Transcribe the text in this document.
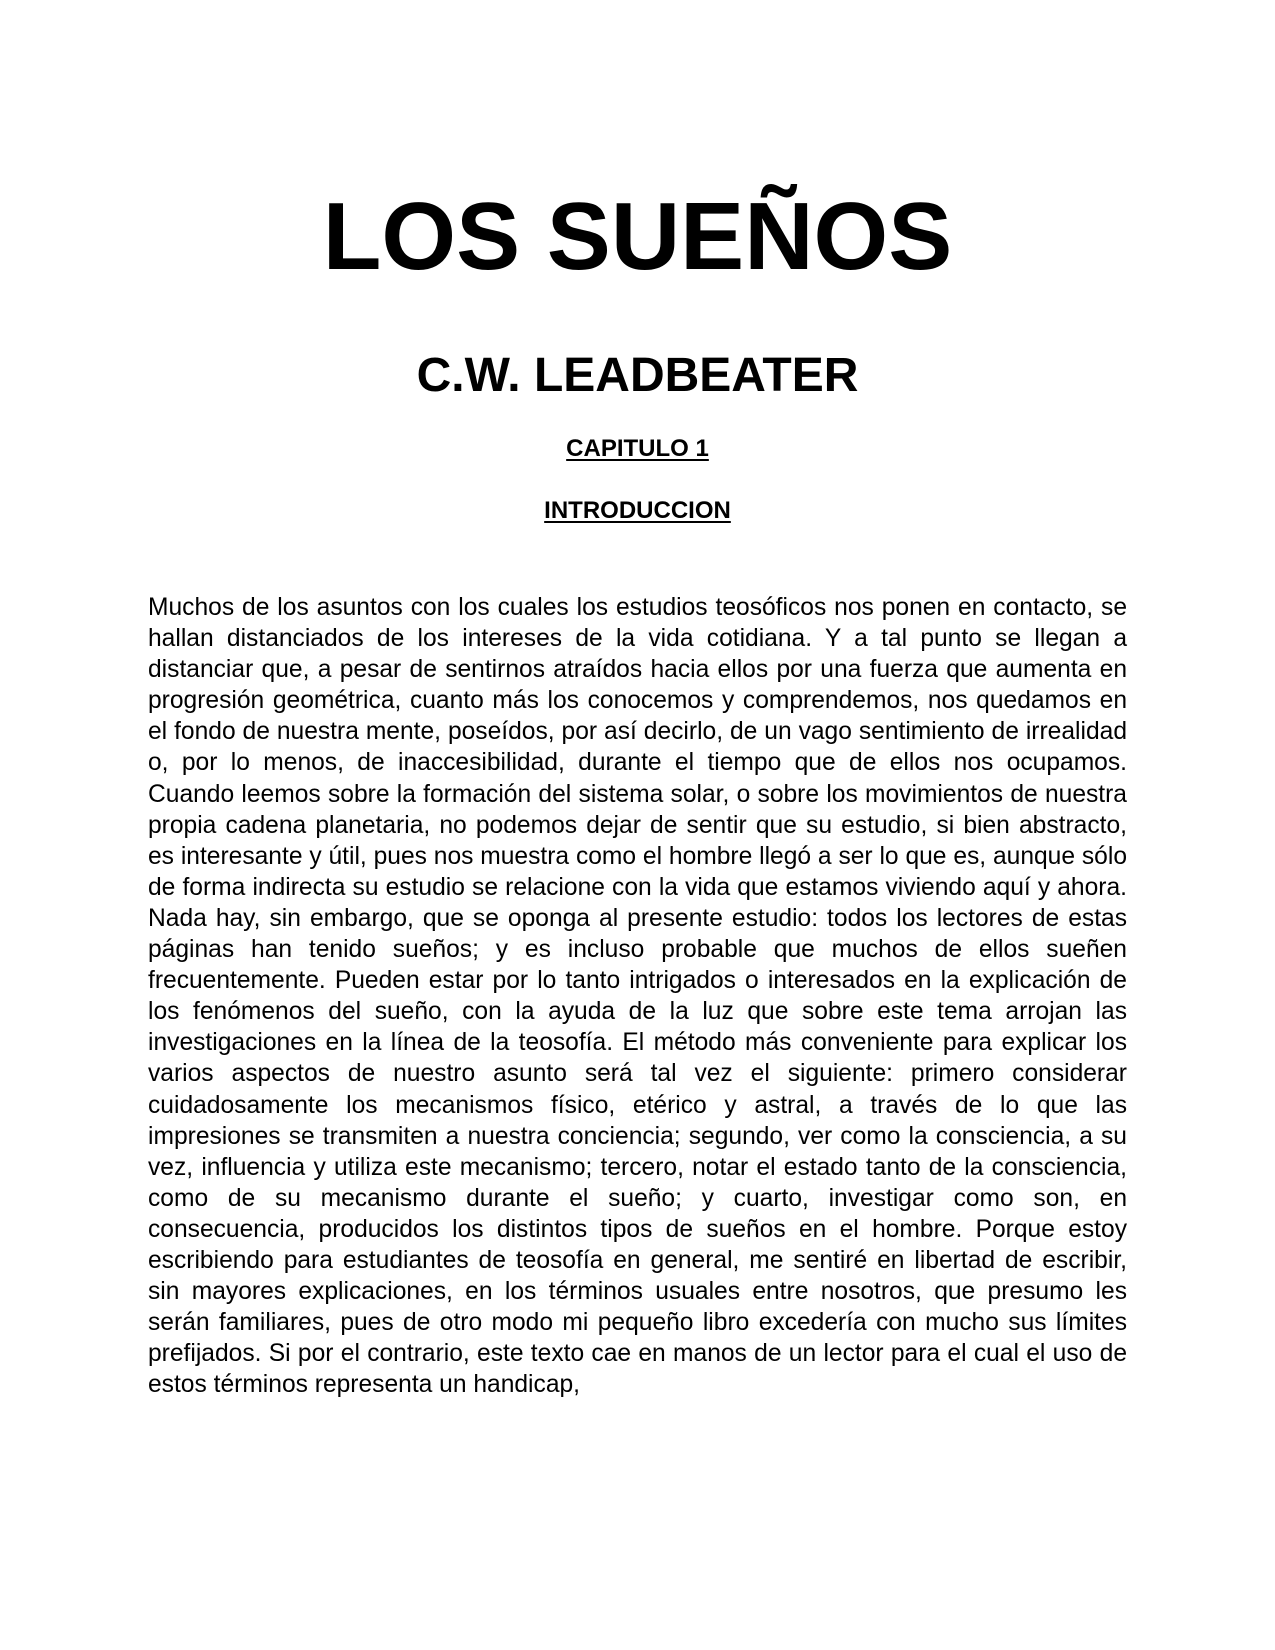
LOS SUEÑOS
C.W. LEADBEATER
CAPITULO 1
INTRODUCCION

Muchos de los asuntos con los cuales los estudios teosóficos nos ponen en contacto, se hallan distanciados de los intereses de la vida cotidiana. Y a tal punto se llegan a distanciar que, a pesar de sentirnos atraídos hacia ellos por una fuerza que aumenta en progresión geométrica, cuanto más los conocemos y comprendemos, nos quedamos en el fondo de nuestra mente, poseídos, por así decirlo, de un vago sentimiento de irrealidad o, por lo menos, de inaccesibilidad, durante el tiempo que de ellos nos ocupamos. Cuando leemos sobre la formación del sistema solar, o sobre los movimientos de nuestra propia cadena planetaria, no podemos dejar de sentir que su estudio, si bien abstracto, es interesante y útil, pues nos muestra como el hombre llegó a ser lo que es, aunque sólo de forma indirecta su estudio se relacione con la vida que estamos viviendo aquí y ahora. Nada hay, sin embargo, que se oponga al presente estudio: todos los lectores de estas páginas han tenido sueños; y es incluso probable que muchos de ellos sueñen frecuentemente. Pueden estar por lo tanto intrigados o interesados en la explicación de los fenómenos del sueño, con la ayuda de la luz que sobre este tema arrojan las investigaciones en la línea de la teosofía. El método más conveniente para explicar los varios aspectos de nuestro asunto será tal vez el siguiente: primero considerar cuidadosamente los mecanismos físico, etérico y astral, a través de lo que las impresiones se transmiten a nuestra conciencia; segundo, ver como la consciencia, a su vez, influencia y utiliza este mecanismo; tercero, notar el estado tanto de la consciencia, como de su mecanismo durante el sueño; y cuarto, investigar como son, en consecuencia, producidos los distintos tipos de sueños en el hombre. Porque estoy escribiendo para estudiantes de teosofía en general, me sentiré en libertad de escribir, sin mayores explicaciones, en los términos usuales entre nosotros, que presumo les serán familiares, pues de otro modo mi pequeño libro excedería con mucho sus límites prefijados. Si por el contrario, este texto cae en manos de un lector para el cual el uso de estos términos representa un handicap,
